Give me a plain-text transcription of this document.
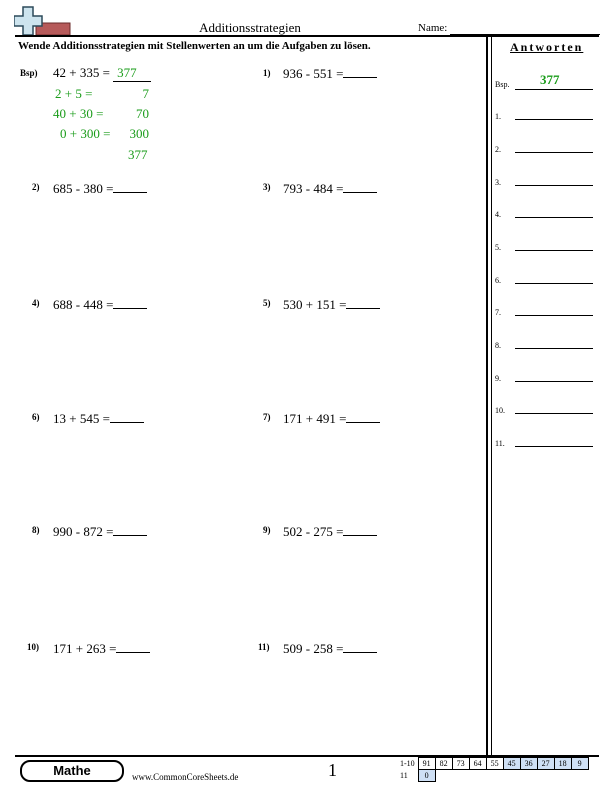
Additionsstrategien	Name:
Wende Additionsstrategien mit Stellenwerten an um die Aufgaben zu lösen.
Bsp) 42 + 335 = 377
2 + 5 =	7
40 + 30 =	70
0 + 300 = 300
377
2) 685 - 380 =
4) 688 - 448 =
6) 13 + 545 =
8) 990 - 872 =
10) 171 + 263 =
1) 936 - 551 =
3) 793 - 484 =
5) 530 + 151 =
7) 171 + 491 =
9) 502 - 275 =
11) 509 - 258 =
Antworten
Bsp. 377
1.
2.
3.
4.
5.
6.
7.
8.
9.
10.
11.
Mathe	www.CommonCoreSheets.de	1	1-10	91	82	73	64	55	45	36	27	18	9
11	0									
